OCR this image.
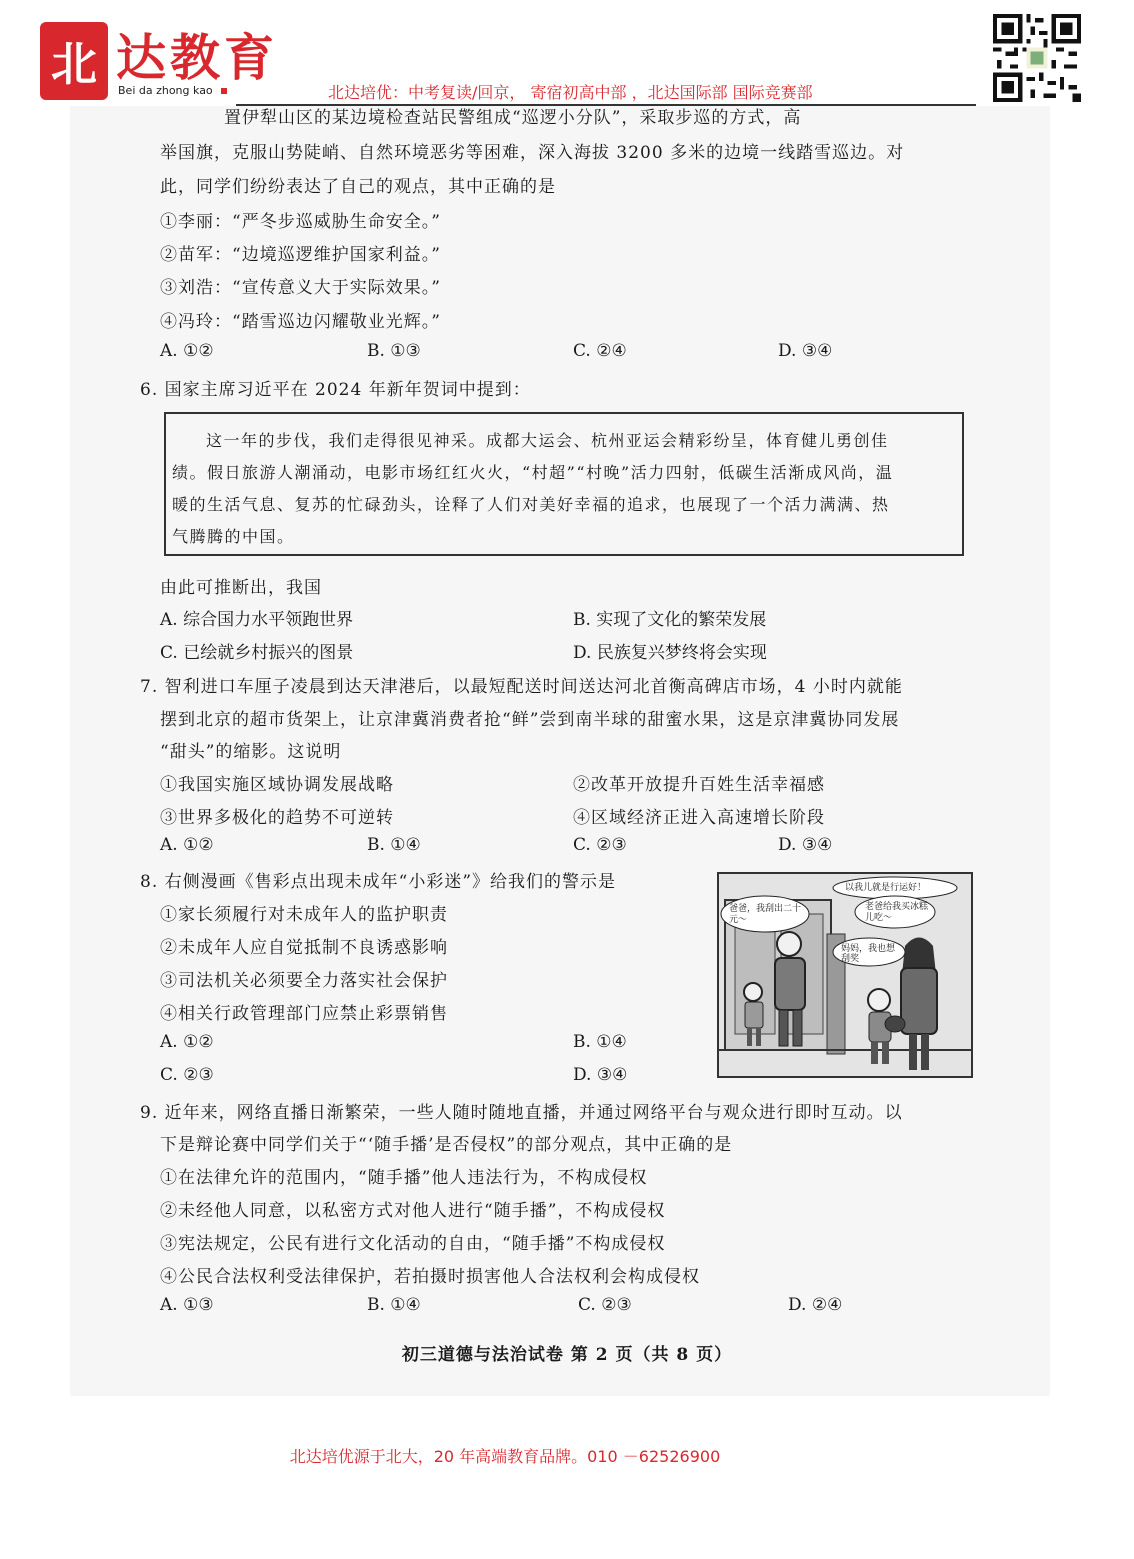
北 达教育
Bei da zhong kao	北达培优：中考复读/回京， 寄宿初高中部 ，北达国际部 国际竞赛部
置伊犁山区的某边境检查站民警组成“巡逻小分队”，采取步巡的方式，高
举国旗，克服山势陡峭、自然环境恶劣等困难，深入海拔 3200 多米的边境一线踏雪巡边。对
此，同学们纷纷表达了自己的观点，其中正确的是
①李丽：“严冬步巡威胁生命安全。”
②苗军：“边境巡逻维护国家利益。”
③刘浩：“宣传意义大于实际效果。”
④冯玲：“踏雪巡边闪耀敬业光辉。”
A. ①②	B. ①③	C. ②④	D. ③④
6. 国家主席习近平在 2024 年新年贺词中提到：
这一年的步伐，我们走得很见神采。成都大运会、杭州亚运会精彩纷呈，体育健儿勇创佳
绩。假日旅游人潮涌动，电影市场红红火火，“村超”“村晚”活力四射，低碳生活渐成风尚，温
暖的生活气息、复苏的忙碌劲头，诠释了人们对美好幸福的追求，也展现了一个活力满满、热
气腾腾的中国。
由此可推断出，我国
A. 综合国力水平领跑世界	B. 实现了文化的繁荣发展
C. 已绘就乡村振兴的图景	D. 民族复兴梦终将会实现
7. 智利进口车厘子凌晨到达天津港后，以最短配送时间送达河北首衡高碑店市场，4 小时内就能
摆到北京的超市货架上，让京津冀消费者抢“鲜”尝到南半球的甜蜜水果，这是京津冀协同发展
“甜头”的缩影。这说明
①我国实施区域协调发展战略	②改革开放提升百姓生活幸福感
③世界多极化的趋势不可逆转	④区域经济正进入高速增长阶段
A. ①②	B. ①④	C. ②③	D. ③④
8. 右侧漫画《售彩点出现未成年“小彩迷”》给我们的警示是
①家长须履行对未成年人的监护职责
②未成年人应自觉抵制不良诱惑影响
③司法机关必须要全力落实社会保护
④相关行政管理部门应禁止彩票销售
A. ①②	B. ①④
C. ②③	D. ③④
以我儿就是行运好！
老爸给我买冰糕儿吃～
爸爸，我刮出二十元～
妈妈，我也想刮奖
9. 近年来，网络直播日渐繁荣，一些人随时随地直播，并通过网络平台与观众进行即时互动。以
下是辩论赛中同学们关于“‘随手播’是否侵权”的部分观点，其中正确的是
①在法律允许的范围内，“随手播”他人违法行为，不构成侵权
②未经他人同意，以私密方式对他人进行“随手播”，不构成侵权
③宪法规定，公民有进行文化活动的自由，“随手播”不构成侵权
④公民合法权利受法律保护，若拍摄时损害他人合法权利会构成侵权
A. ①③	B. ①④	C. ②③	D. ②④
初三道德与法治试卷 第 2 页（共 8 页）
北达培优源于北大，20 年高端教育品牌。010 －62526900
